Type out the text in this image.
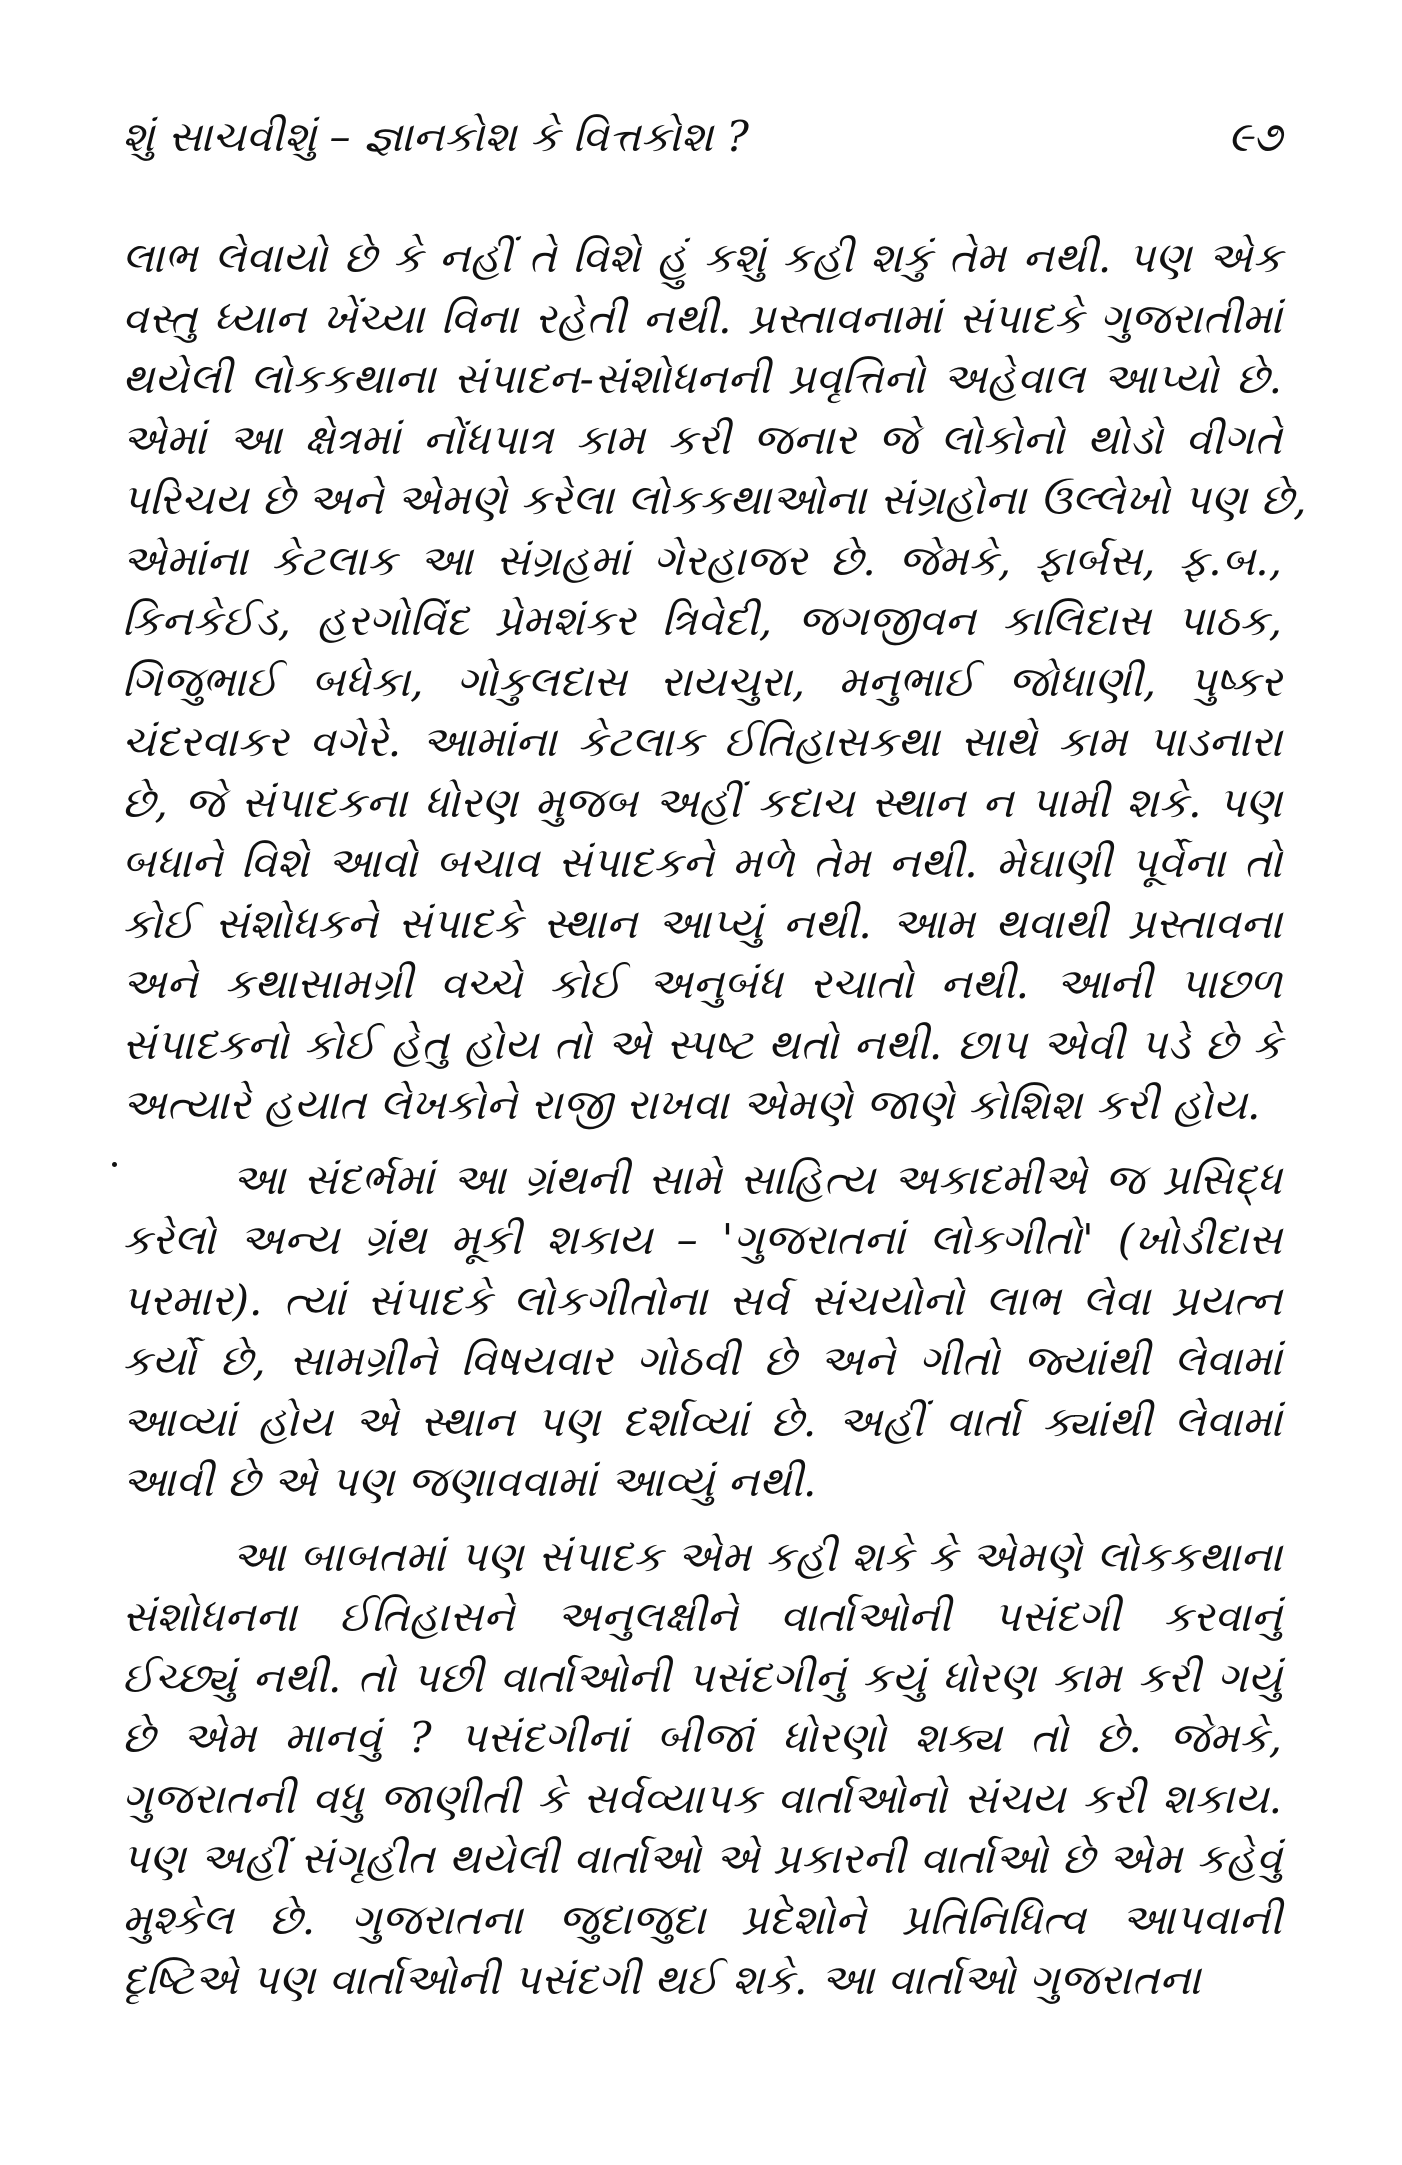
શું સાચવીશું – જ્ઞાનકોશ કે વિત્તકોશ ?	૯૭
લાભ લેવાયો છે કે નહીં તે વિશે હું કશું કહી શકું તેમ નથી. પણ એક
વસ્તુ ધ્યાન ખેંચ્યા વિના રહેતી નથી. પ્રસ્તાવનામાં સંપાદકે ગુજરાતીમાં
થયેલી લોકકથાના સંપાદન-સંશોધનની પ્રવૃત્તિનો અહેવાલ આપ્યો છે.
એમાં આ ક્ષેત્રમાં નોંધપાત્ર કામ કરી જનાર જે લોકોનો થોડો વીગતે
પરિચય છે અને એમણે કરેલા લોકકથાઓના સંગ્રહોના ઉલ્લેખો પણ છે,
એમાંના કેટલાક આ સંગ્રહમાં ગેરહાજર છે. જેમકે, ફાર્બસ, ફ.બ.,
કિનકેઈડ, હરગોવિંદ પ્રેમશંકર ત્રિવેદી, જગજીવન કાલિદાસ પાઠક,
ગિજુભાઈ બધેકા, ગોકુલદાસ રાયચુરા, મનુભાઈ જોધાણી, પુષ્કર
ચંદરવાકર વગેરે. આમાંના કેટલાક ઈતિહાસકથા સાથે કામ પાડનારા
છે, જે સંપાદકના ધોરણ મુજબ અહીં કદાચ સ્થાન ન પામી શકે. પણ
બધાને વિશે આવો બચાવ સંપાદકને મળે તેમ નથી. મેઘાણી પૂર્વેના તો
કોઈ સંશોધકને સંપાદકે સ્થાન આપ્યું નથી. આમ થવાથી પ્રસ્તાવના
અને કથાસામગ્રી વચ્ચે કોઈ અનુબંધ રચાતો નથી. આની પાછળ
સંપાદકનો કોઈ હેતુ હોય તો એ સ્પષ્ટ થતો નથી. છાપ એવી પડે છે કે
અત્યારે હયાત લેખકોને રાજી રાખવા એમણે જાણે કોશિશ કરી હોય.
આ સંદર્ભમાં આ ગ્રંથની સામે સાહિત્ય અકાદમીએ જ પ્રસિદ્ધ
કરેલો અન્ય ગ્રંથ મૂકી શકાય – 'ગુજરાતનાં લોકગીતો' (ખોડીદાસ
પરમાર). ત્યાં સંપાદકે લોકગીતોના સર્વ સંચયોનો લાભ લેવા પ્રયત્ન
કર્યો છે, સામગ્રીને વિષયવાર ગોઠવી છે અને ગીતો જ્યાંથી લેવામાં
આવ્યાં હોય એ સ્થાન પણ દર્શાવ્યાં છે. અહીં વાર્તા ક્યાંથી લેવામાં
આવી છે એ પણ જણાવવામાં આવ્યું નથી.
આ બાબતમાં પણ સંપાદક એમ કહી શકે કે એમણે લોકકથાના
સંશોધનના ઈતિહાસને અનુલક્ષીને વાર્તાઓની પસંદગી કરવાનું
ઈચ્છ્યું નથી. તો પછી વાર્તાઓની પસંદગીનું કયું ધોરણ કામ કરી ગયું
છે એમ માનવું ? પસંદગીનાં બીજાં ધોરણો શક્ય તો છે. જેમકે,
ગુજરાતની વધુ જાણીતી કે સર્વવ્યાપક વાર્તાઓનો સંચય કરી શકાય.
પણ અહીં સંગૃહીત થયેલી વાર્તાઓ એ પ્રકારની વાર્તાઓ છે એમ કહેવું
મુશ્કેલ છે. ગુજરાતના જુદાજુદા પ્રદેશોને પ્રતિનિધિત્વ આપવાની
દૃષ્ટિએ પણ વાર્તાઓની પસંદગી થઈ શકે. આ વાર્તાઓ ગુજરાતના
